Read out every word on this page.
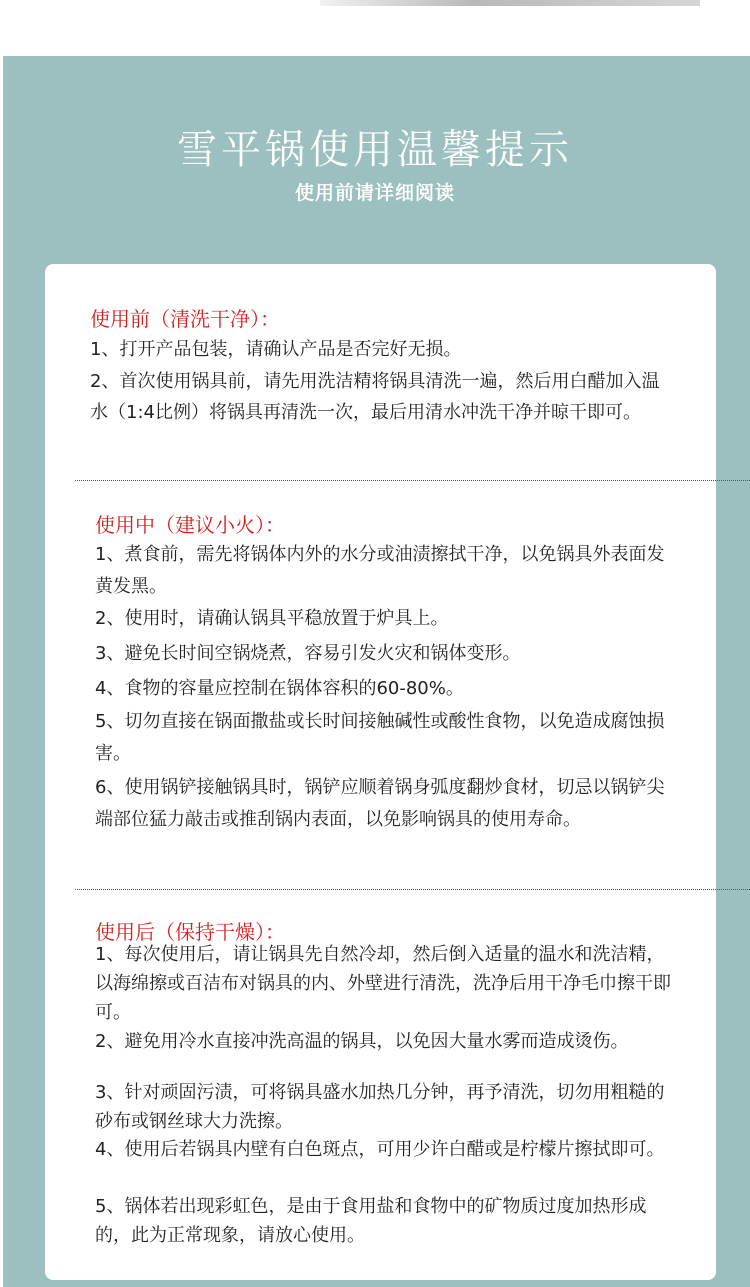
雪平锅使用温馨提示
使用前请详细阅读
使用前（清洗干净）：
1、打开产品包装，请确认产品是否完好无损。
2、首次使用锅具前，请先用洗洁精将锅具清洗一遍，然后用白醋加入温水（1:4比例）将锅具再清洗一次，最后用清水冲洗干净并晾干即可。
使用中（建议小火）：
1、煮食前，需先将锅体内外的水分或油渍擦拭干净，以免锅具外表面发黄发黑。
2、使用时，请确认锅具平稳放置于炉具上。
3、避免长时间空锅烧煮，容易引发火灾和锅体变形。
4、食物的容量应控制在锅体容积的60-80%。
5、切勿直接在锅面撒盐或长时间接触碱性或酸性食物，以免造成腐蚀损害。
6、使用锅铲接触锅具时，锅铲应顺着锅身弧度翻炒食材，切忌以锅铲尖端部位猛力敲击或推刮锅内表面，以免影响锅具的使用寿命。
使用后（保持干燥）：
1、每次使用后，请让锅具先自然冷却，然后倒入适量的温水和洗洁精，以海绵擦或百洁布对锅具的内、外壁进行清洗，洗净后用干净毛巾擦干即可。
2、避免用冷水直接冲洗高温的锅具，以免因大量水雾而造成烫伤。
3、针对顽固污渍，可将锅具盛水加热几分钟，再予清洗，切勿用粗糙的砂布或钢丝球大力洗擦。
4、使用后若锅具内壁有白色斑点，可用少许白醋或是柠檬片擦拭即可。
5、锅体若出现彩虹色，是由于食用盐和食物中的矿物质过度加热形成的，此为正常现象，请放心使用。
